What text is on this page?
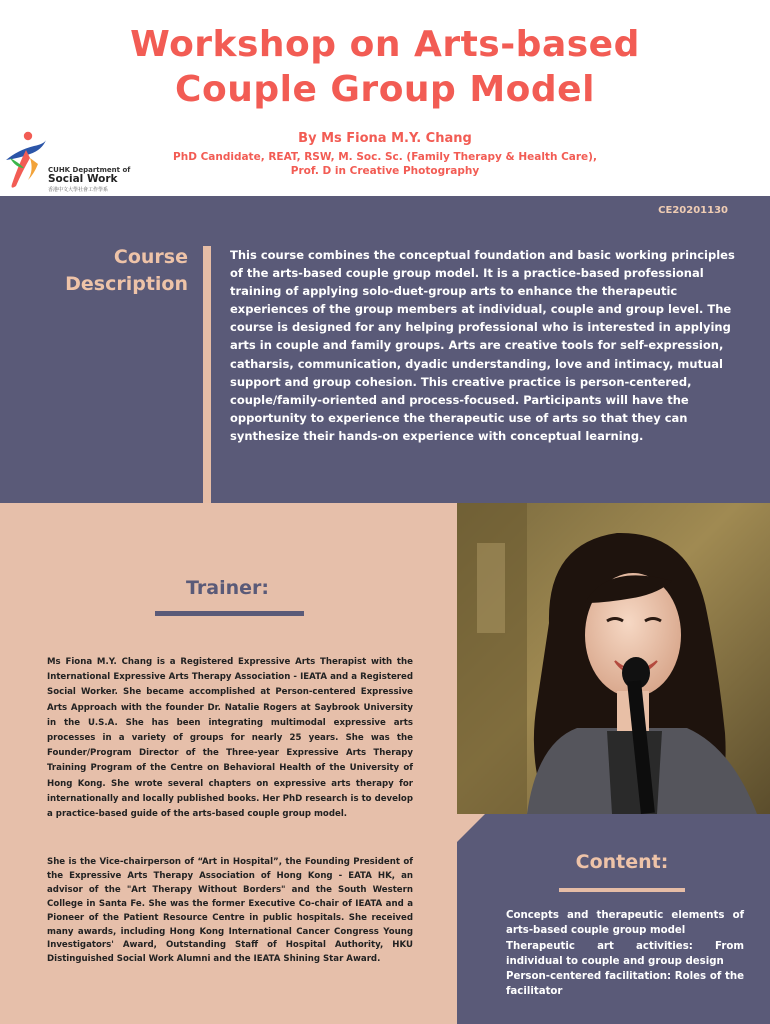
Workshop on Arts-based
Couple Group Model
By Ms Fiona M.Y. Chang
PhD Candidate, REAT, RSW, M. Soc. Sc. (Family Therapy & Health Care),
Prof. D in Creative Photography
CUHK Department of
Social Work
香港中文大學社會工作學系
CE20201130
Course
Description
This course combines the conceptual foundation and basic working principles of the arts-based couple group model. It is a practice-based professional training of applying solo-duet-group arts to enhance the therapeutic experiences of the group members at individual, couple and group level. The course is designed for any helping professional who is interested in applying arts in couple and family groups. Arts are creative tools for self-expression, catharsis, communication, dyadic understanding, love and intimacy, mutual support and group cohesion. This creative practice is person-centered, couple/family-oriented and process-focused. Participants will have the opportunity to experience the therapeutic use of arts so that they can synthesize their hands-on experience with conceptual learning.
Trainer:

Ms Fiona M.Y. Chang is a Registered Expressive Arts Therapist with the International Expressive Arts Therapy Association - IEATA and a Registered Social Worker. She became accomplished at Person-centered Expressive Arts Approach with the founder Dr. Natalie Rogers at Saybrook University in the U.S.A. She has been integrating multimodal expressive arts processes in a variety of groups for nearly 25 years. She was the Founder/Program Director of the Three-year Expressive Arts Therapy Training Program of the Centre on Behavioral Health of the University of Hong Kong. She wrote several chapters on expressive arts therapy for internationally and locally published books. Her PhD research is to develop a practice-based guide of the arts-based couple group model.

She is the Vice-chairperson of “Art in Hospital”, the Founding President of the Expressive Arts Therapy Association of Hong Kong - EATA HK, an advisor of the "Art Therapy Without Borders" and the South Western College in Santa Fe. She was the former Executive Co-chair of IEATA and a Pioneer of the Patient Resource Centre in public hospitals. She received many awards, including Hong Kong International Cancer Congress Young Investigators' Award, Outstanding Staff of Hospital Authority, HKU Distinguished Social Work Alumni and the IEATA Shining Star Award.

Content:
Concepts and therapeutic elements of arts-based couple group model
Therapeutic art activities: From individual to couple and group design
Person-centered facilitation: Roles of the facilitator
